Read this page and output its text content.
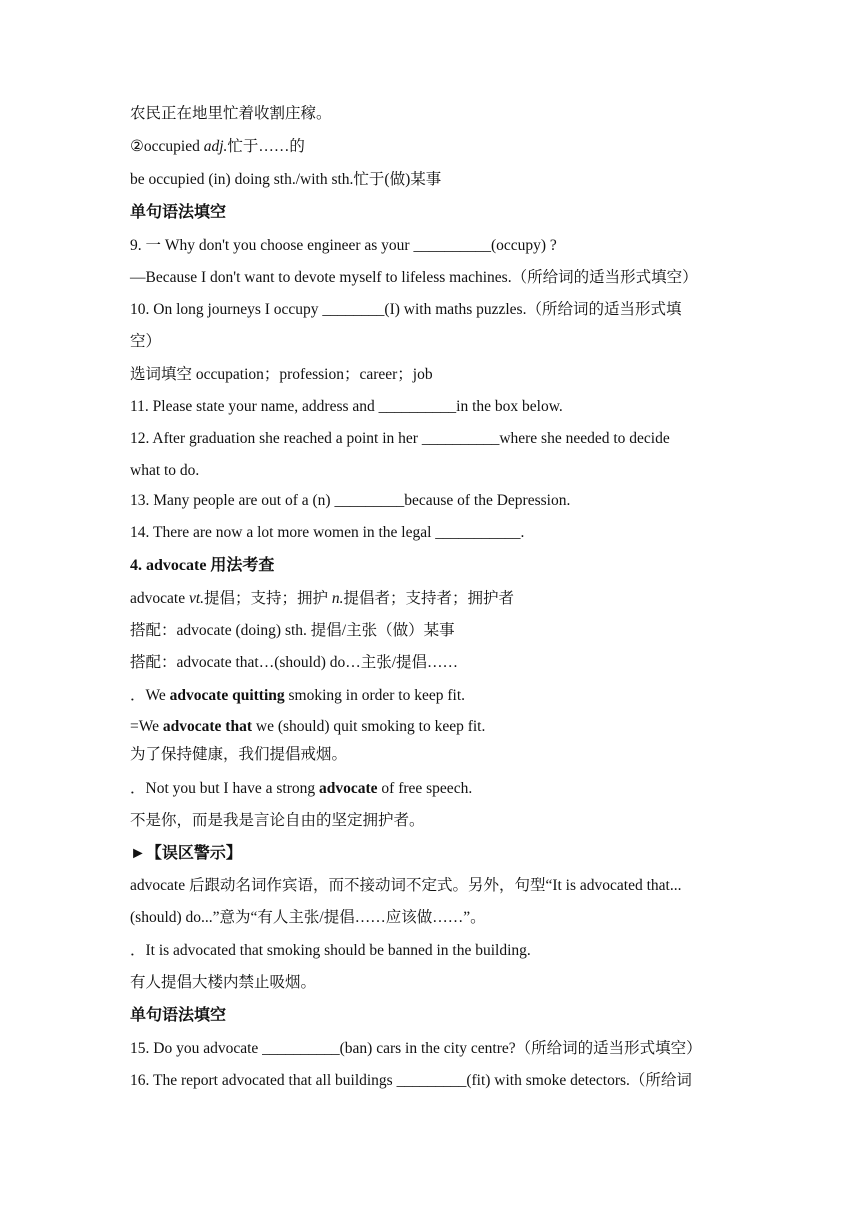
农民正在地里忙着收割庄稼。
②occupied adj.忙于……的
be occupied (in) doing sth./with sth.忙于(做)某事
单句语法填空
9. 一 Why don't you choose engineer as your __________(occupy) ?
—Because I don't want to devote myself to lifeless machines.（所给词的适当形式填空）
10. On long journeys I occupy ________(I) with maths puzzles.（所给词的适当形式填
空）
选词填空 occupation；profession；career；job
11. Please state your name, address and __________in the box below.
12. After graduation she reached a point in her __________where she needed to decide
what to do.
13. Many people are out of a (n) _________because of the Depression.
14. There are now a lot more women in the legal ___________.
4. advocate 用法考查
advocate vt.提倡；支持；拥护 n.提倡者；支持者；拥护者
搭配：advocate (doing) sth. 提倡/主张（做）某事
搭配：advocate that…(should) do…主张/提倡……
．We advocate quitting smoking in order to keep fit.
=We advocate that we (should) quit smoking to keep fit.
为了保持健康，我们提倡戒烟。
．Not you but I have a strong advocate of free speech.
不是你，而是我是言论自由的坚定拥护者。
►【误区警示】
advocate 后跟动名词作宾语，而不接动词不定式。另外，句型“It is advocated that...
(should) do...”意为“有人主张/提倡……应该做……”。
．It is advocated that smoking should be banned in the building.
有人提倡大楼内禁止吸烟。
单句语法填空
15. Do you advocate __________(ban) cars in the city centre?（所给词的适当形式填空）
16. The report advocated that all buildings _________(fit) with smoke detectors.（所给词
